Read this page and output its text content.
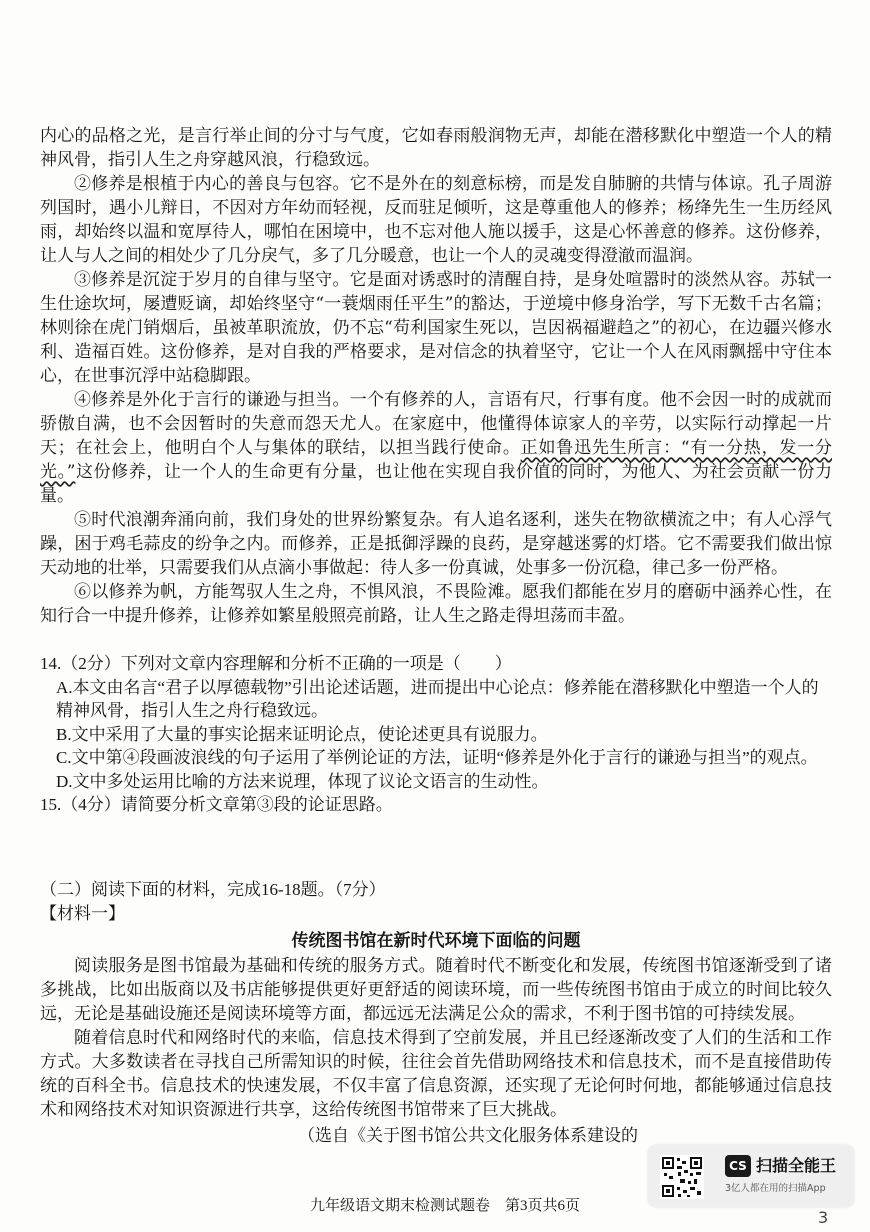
内心的品格之光，是言行举止间的分寸与气度，它如春雨般润物无声，却能在潜移默化中塑造一个人的精神风骨，指引人生之舟穿越风浪，行稳致远。

②修养是根植于内心的善良与包容。它不是外在的刻意标榜，而是发自肺腑的共情与体谅。孔子周游列国时，遇小儿辩日，不因对方年幼而轻视，反而驻足倾听，这是尊重他人的修养；杨绛先生一生历经风雨，却始终以温和宽厚待人，哪怕在困境中，也不忘对他人施以援手，这是心怀善意的修养。这份修养，让人与人之间的相处少了几分戾气，多了几分暖意，也让一个人的灵魂变得澄澈而温润。

③修养是沉淀于岁月的自律与坚守。它是面对诱惑时的清醒自持，是身处喧嚣时的淡然从容。苏轼一生仕途坎坷，屡遭贬谪，却始终坚守“一蓑烟雨任平生”的豁达，于逆境中修身治学，写下无数千古名篇；林则徐在虎门销烟后，虽被革职流放，仍不忘“苟利国家生死以，岂因祸福避趋之”的初心，在边疆兴修水利、造福百姓。这份修养，是对自我的严格要求，是对信念的执着坚守，它让一个人在风雨飘摇中守住本心，在世事沉浮中站稳脚跟。

④修养是外化于言行的谦逊与担当。一个有修养的人，言语有尺，行事有度。他不会因一时的成就而骄傲自满，也不会因暂时的失意而怨天尤人。在家庭中，他懂得体谅家人的辛劳，以实际行动撑起一片天；在社会上，他明白个人与集体的联结，以担当践行使命。正如鲁迅先生所言：“有一分热，发一分光。”这份修养，让一个人的生命更有分量，也让他在实现自我价值的同时，为他人、为社会贡献一份力量。

⑤时代浪潮奔涌向前，我们身处的世界纷繁复杂。有人追名逐利，迷失在物欲横流之中；有人心浮气躁，困于鸡毛蒜皮的纷争之内。而修养，正是抵御浮躁的良药，是穿越迷雾的灯塔。它不需要我们做出惊天动地的壮举，只需要我们从点滴小事做起：待人多一份真诚，处事多一份沉稳，律己多一份严格。

⑥以修养为帆，方能驾驭人生之舟，不惧风浪，不畏险滩。愿我们都能在岁月的磨砺中涵养心性，在知行合一中提升修养，让修养如繁星般照亮前路，让人生之路走得坦荡而丰盈。

14.（2分）下列对文章内容理解和分析不正确的一项是（　　）

A.本文由名言“君子以厚德载物”引出论述话题，进而提出中心论点：修养能在潜移默化中塑造一个人的精神风骨，指引人生之舟行稳致远。

B.文中采用了大量的事实论据来证明论点，使论述更具有说服力。

C.文中第④段画波浪线的句子运用了举例论证的方法，证明“修养是外化于言行的谦逊与担当”的观点。

D.文中多处运用比喻的方法来说理，体现了议论文语言的生动性。

15.（4分）请简要分析文章第③段的论证思路。

（二）阅读下面的材料，完成16-18题。（7分）

【材料一】

传统图书馆在新时代环境下面临的问题

阅读服务是图书馆最为基础和传统的服务方式。随着时代不断变化和发展，传统图书馆逐渐受到了诸多挑战，比如出版商以及书店能够提供更好更舒适的阅读环境，而一些传统图书馆由于成立的时间比较久远，无论是基础设施还是阅读环境等方面，都远远无法满足公众的需求，不利于图书馆的可持续发展。

随着信息时代和网络时代的来临，信息技术得到了空前发展，并且已经逐渐改变了人们的生活和工作方式。大多数读者在寻找自己所需知识的时候，往往会首先借助网络技术和信息技术，而不是直接借助传统的百科全书。信息技术的快速发展，不仅丰富了信息资源，还实现了无论何时何地，都能够通过信息技术和网络技术对知识资源进行共享，这给传统图书馆带来了巨大挑战。

（选自《关于图书馆公共文化服务体系建设的

九年级语文期末检测试题卷　第3页共6页
CS 扫描全能王
3亿人都在用的扫描App
3
